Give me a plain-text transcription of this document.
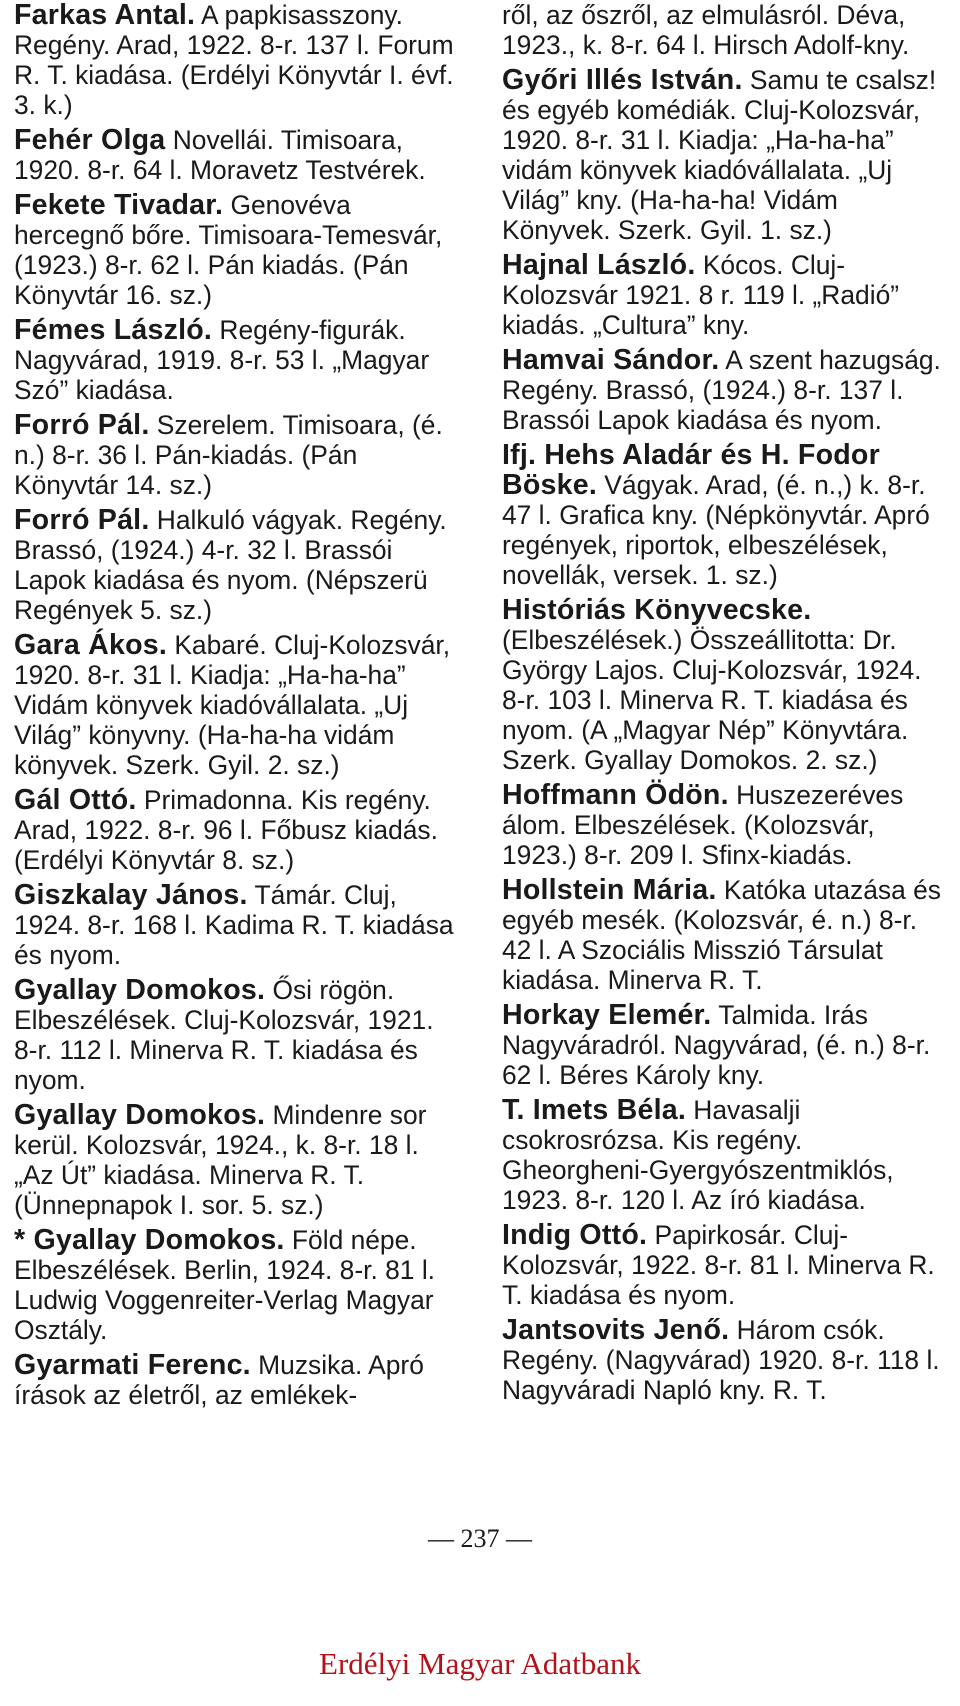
Farkas Antal. A papkisasszony. Regény. Arad, 1922. 8-r. 137 l. Forum R. T. kiadása. (Erdélyi Könyvtár I. évf. 3. k.)

Fehér Olga Novellái. Timisoara, 1920. 8-r. 64 l. Moravetz Testvérek.

Fekete Tivadar. Genovéva hercegnő bőre. Timisoara-Temesvár, (1923.) 8-r. 62 l. Pán kiadás. (Pán Könyvtár 16. sz.)

Fémes László. Regény-figurák. Nagyvárad, 1919. 8-r. 53 l. „Magyar Szó” kiadása.

Forró Pál. Szerelem. Timisoara, (é. n.) 8-r. 36 l. Pán-kiadás. (Pán Könyvtár 14. sz.)

Forró Pál. Halkuló vágyak. Regény. Brassó, (1924.) 4-r. 32 l. Brassói Lapok kiadása és nyom. (Népszerü Regények 5. sz.)

Gara Ákos. Kabaré. Cluj-Kolozsvár, 1920. 8-r. 31 l. Kiadja: „Ha-ha-ha” Vidám könyvek kiadóvállalata. „Uj Világ” könyvny. (Ha-ha-ha vidám könyvek. Szerk. Gyil. 2. sz.)

Gál Ottó. Primadonna. Kis regény. Arad, 1922. 8-r. 96 l. Főbusz kiadás. (Erdélyi Könyvtár 8. sz.)

Giszkalay János. Támár. Cluj, 1924. 8-r. 168 l. Kadima R. T. kiadása és nyom.

Gyallay Domokos. Ősi rögön. Elbeszélések. Cluj-Kolozsvár, 1921. 8-r. 112 l. Minerva R. T. kiadása és nyom.

Gyallay Domokos. Mindenre sor kerül. Kolozsvár, 1924., k. 8-r. 18 l. „Az Út” kiadása. Minerva R. T. (Ünnepnapok I. sor. 5. sz.)

* Gyallay Domokos. Föld népe. Elbeszélések. Berlin, 1924. 8-r. 81 l. Ludwig Voggenreiter-Verlag Magyar Osztály.

Gyarmati Ferenc. Muzsika. Apró írások az életről, az emlékek-

ről, az őszről, az elmulásról. Déva, 1923., k. 8-r. 64 l. Hirsch Adolf-kny.

Győri Illés István. Samu te csalsz! és egyéb komédiák. Cluj-Kolozsvár, 1920. 8-r. 31 l. Kiadja: „Ha-ha-ha” vidám könyvek kiadóvállalata. „Uj Világ” kny. (Ha-ha-ha! Vidám Könyvek. Szerk. Gyil. 1. sz.)

Hajnal László. Kócos. Cluj-Kolozsvár 1921. 8 r. 119 l. „Radió” kiadás. „Cultura” kny.

Hamvai Sándor. A szent hazugság. Regény. Brassó, (1924.) 8-r. 137 l. Brassói Lapok kiadása és nyom.

Ifj. Hehs Aladár és H. Fodor Böske. Vágyak. Arad, (é. n.,) k. 8-r. 47 l. Grafica kny. (Népkönyvtár. Apró regények, riportok, elbeszélések, novellák, versek. 1. sz.)

Históriás Könyvecske. (Elbeszélések.) Összeállitotta: Dr. György Lajos. Cluj-Kolozsvár, 1924. 8-r. 103 l. Minerva R. T. kiadása és nyom. (A „Magyar Nép” Könyvtára. Szerk. Gyallay Domokos. 2. sz.)

Hoffmann Ödön. Huszezeréves álom. Elbeszélések. (Kolozsvár, 1923.) 8-r. 209 l. Sfinx-kiadás.

Hollstein Mária. Katóka utazása és egyéb mesék. (Kolozsvár, é. n.) 8-r. 42 l. A Szociális Misszió Társulat kiadása. Minerva R. T.

Horkay Elemér. Talmida. Irás Nagyváradról. Nagyvárad, (é. n.) 8-r. 62 l. Béres Károly kny.

T. Imets Béla. Havasalji csokrosrózsa. Kis regény. Gheorgheni-Gyergyószentmiklós, 1923. 8-r. 120 l. Az író kiadása.

Indig Ottó. Papirkosár. Cluj-Kolozsvár, 1922. 8-r. 81 l. Minerva R. T. kiadása és nyom.

Jantsovits Jenő. Három csók. Regény. (Nagyvárad) 1920. 8-r. 118 l. Nagyváradi Napló kny. R. T.

— 237 —
Erdélyi Magyar Adatbank
